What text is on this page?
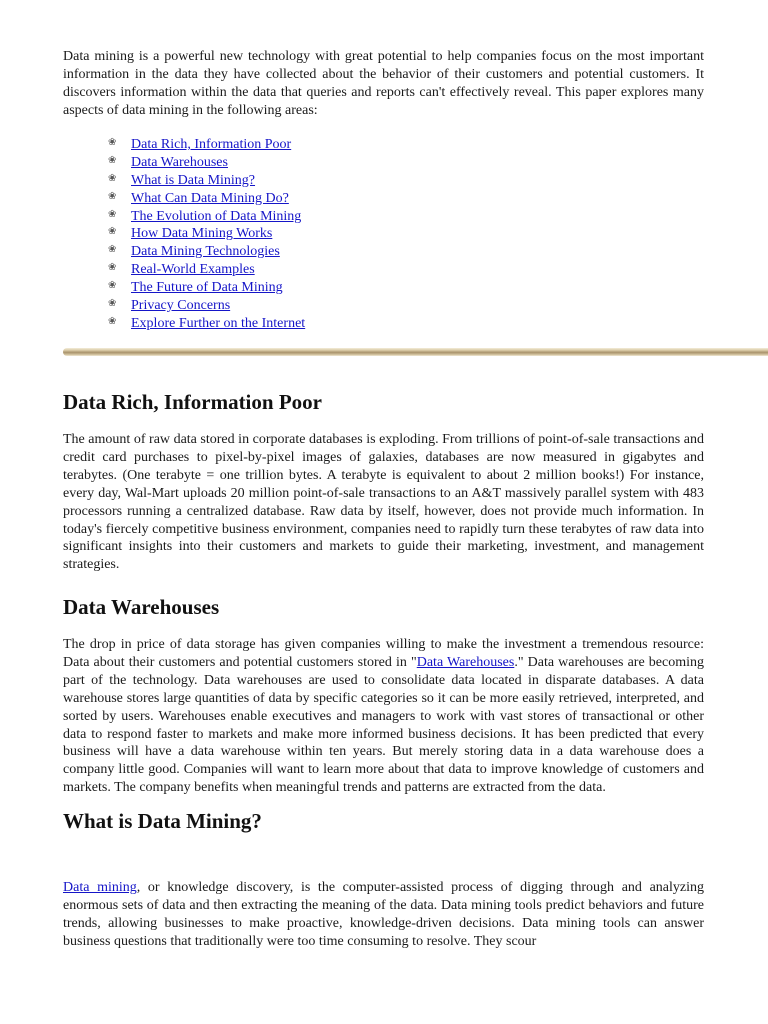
Data mining is a powerful new technology with great potential to help companies focus on the most important information in the data they have collected about the behavior of their customers and potential customers. It discovers information within the data that queries and reports can't effectively reveal. This paper explores many aspects of data mining in the following areas:

❀ Data Rich, Information Poor
❀ Data Warehouses
❀ What is Data Mining?
❀ What Can Data Mining Do?
❀ The Evolution of Data Mining
❀ How Data Mining Works
❀ Data Mining Technologies
❀ Real-World Examples
❀ The Future of Data Mining
❀ Privacy Concerns
❀ Explore Further on the Internet
Data Rich, Information Poor

The amount of raw data stored in corporate databases is exploding. From trillions of point-of-sale transactions and credit card purchases to pixel-by-pixel images of galaxies, databases are now measured in gigabytes and terabytes. (One terabyte = one trillion bytes. A terabyte is equivalent to about 2 million books!) For instance, every day, Wal-Mart uploads 20 million point-of-sale transactions to an A&T massively parallel system with 483 processors running a centralized database. Raw data by itself, however, does not provide much information. In today's fiercely competitive business environment, companies need to rapidly turn these terabytes of raw data into significant insights into their customers and markets to guide their marketing, investment, and management strategies.

Data Warehouses

The drop in price of data storage has given companies willing to make the investment a tremendous resource: Data about their customers and potential customers stored in "Data Warehouses." Data warehouses are becoming part of the technology. Data warehouses are used to consolidate data located in disparate databases. A data warehouse stores large quantities of data by specific categories so it can be more easily retrieved, interpreted, and sorted by users. Warehouses enable executives and managers to work with vast stores of transactional or other data to respond faster to markets and make more informed business decisions. It has been predicted that every business will have a data warehouse within ten years. But merely storing data in a data warehouse does a company little good. Companies will want to learn more about that data to improve knowledge of customers and markets. The company benefits when meaningful trends and patterns are extracted from the data.

What is Data Mining?

Data mining, or knowledge discovery, is the computer-assisted process of digging through and analyzing enormous sets of data and then extracting the meaning of the data. Data mining tools predict behaviors and future trends, allowing businesses to make proactive, knowledge-driven decisions. Data mining tools can answer business questions that traditionally were too time consuming to resolve. They scour
